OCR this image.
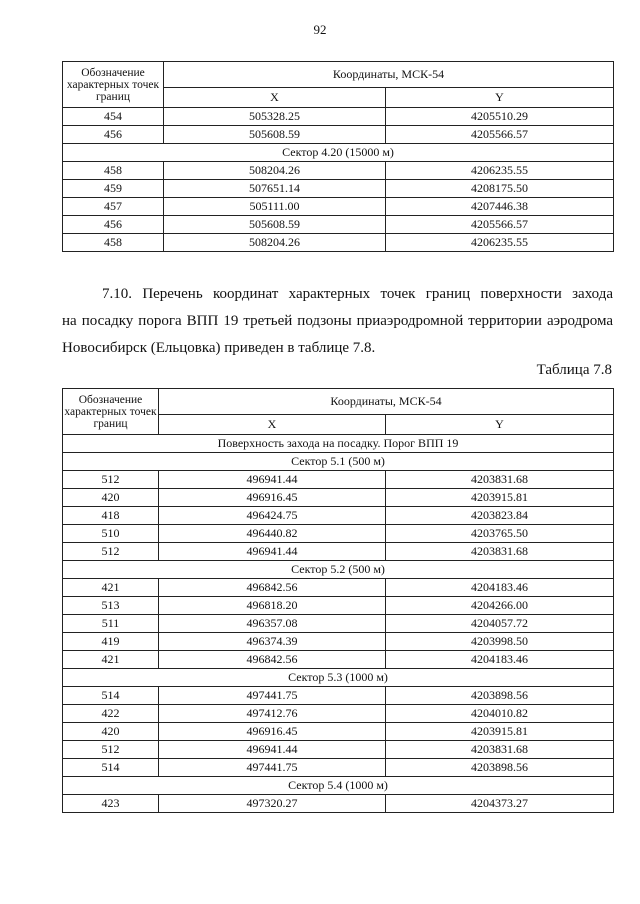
92
Обозначение характерных точек границ	Координаты, МСК-54	
	X	Y
454	505328.25	4205510.29
456	505608.59	4205566.57
Сектор 4.20 (15000 м)		
458	508204.26	4206235.55
459	507651.14	4208175.50
457	505111.00	4207446.38
456	505608.59	4205566.57
458	508204.26	4206235.55
7.10. Перечень координат характерных точек границ поверхности захода
на посадку порога ВПП 19 третьей подзоны приаэродромной территории аэродрома
Новосибирск (Ельцовка) приведен в таблице 7.8.
Таблица 7.8
Обозначение характерных точек границ	Координаты, МСК-54	
	X	Y
Поверхность захода на посадку. Порог ВПП 19		
Сектор 5.1 (500 м)		
512	496941.44	4203831.68
420	496916.45	4203915.81
418	496424.75	4203823.84
510	496440.82	4203765.50
512	496941.44	4203831.68
Сектор 5.2 (500 м)		
421	496842.56	4204183.46
513	496818.20	4204266.00
511	496357.08	4204057.72
419	496374.39	4203998.50
421	496842.56	4204183.46
Сектор 5.3 (1000 м)		
514	497441.75	4203898.56
422	497412.76	4204010.82
420	496916.45	4203915.81
512	496941.44	4203831.68
514	497441.75	4203898.56
Сектор 5.4 (1000 м)		
423	497320.27	4204373.27
